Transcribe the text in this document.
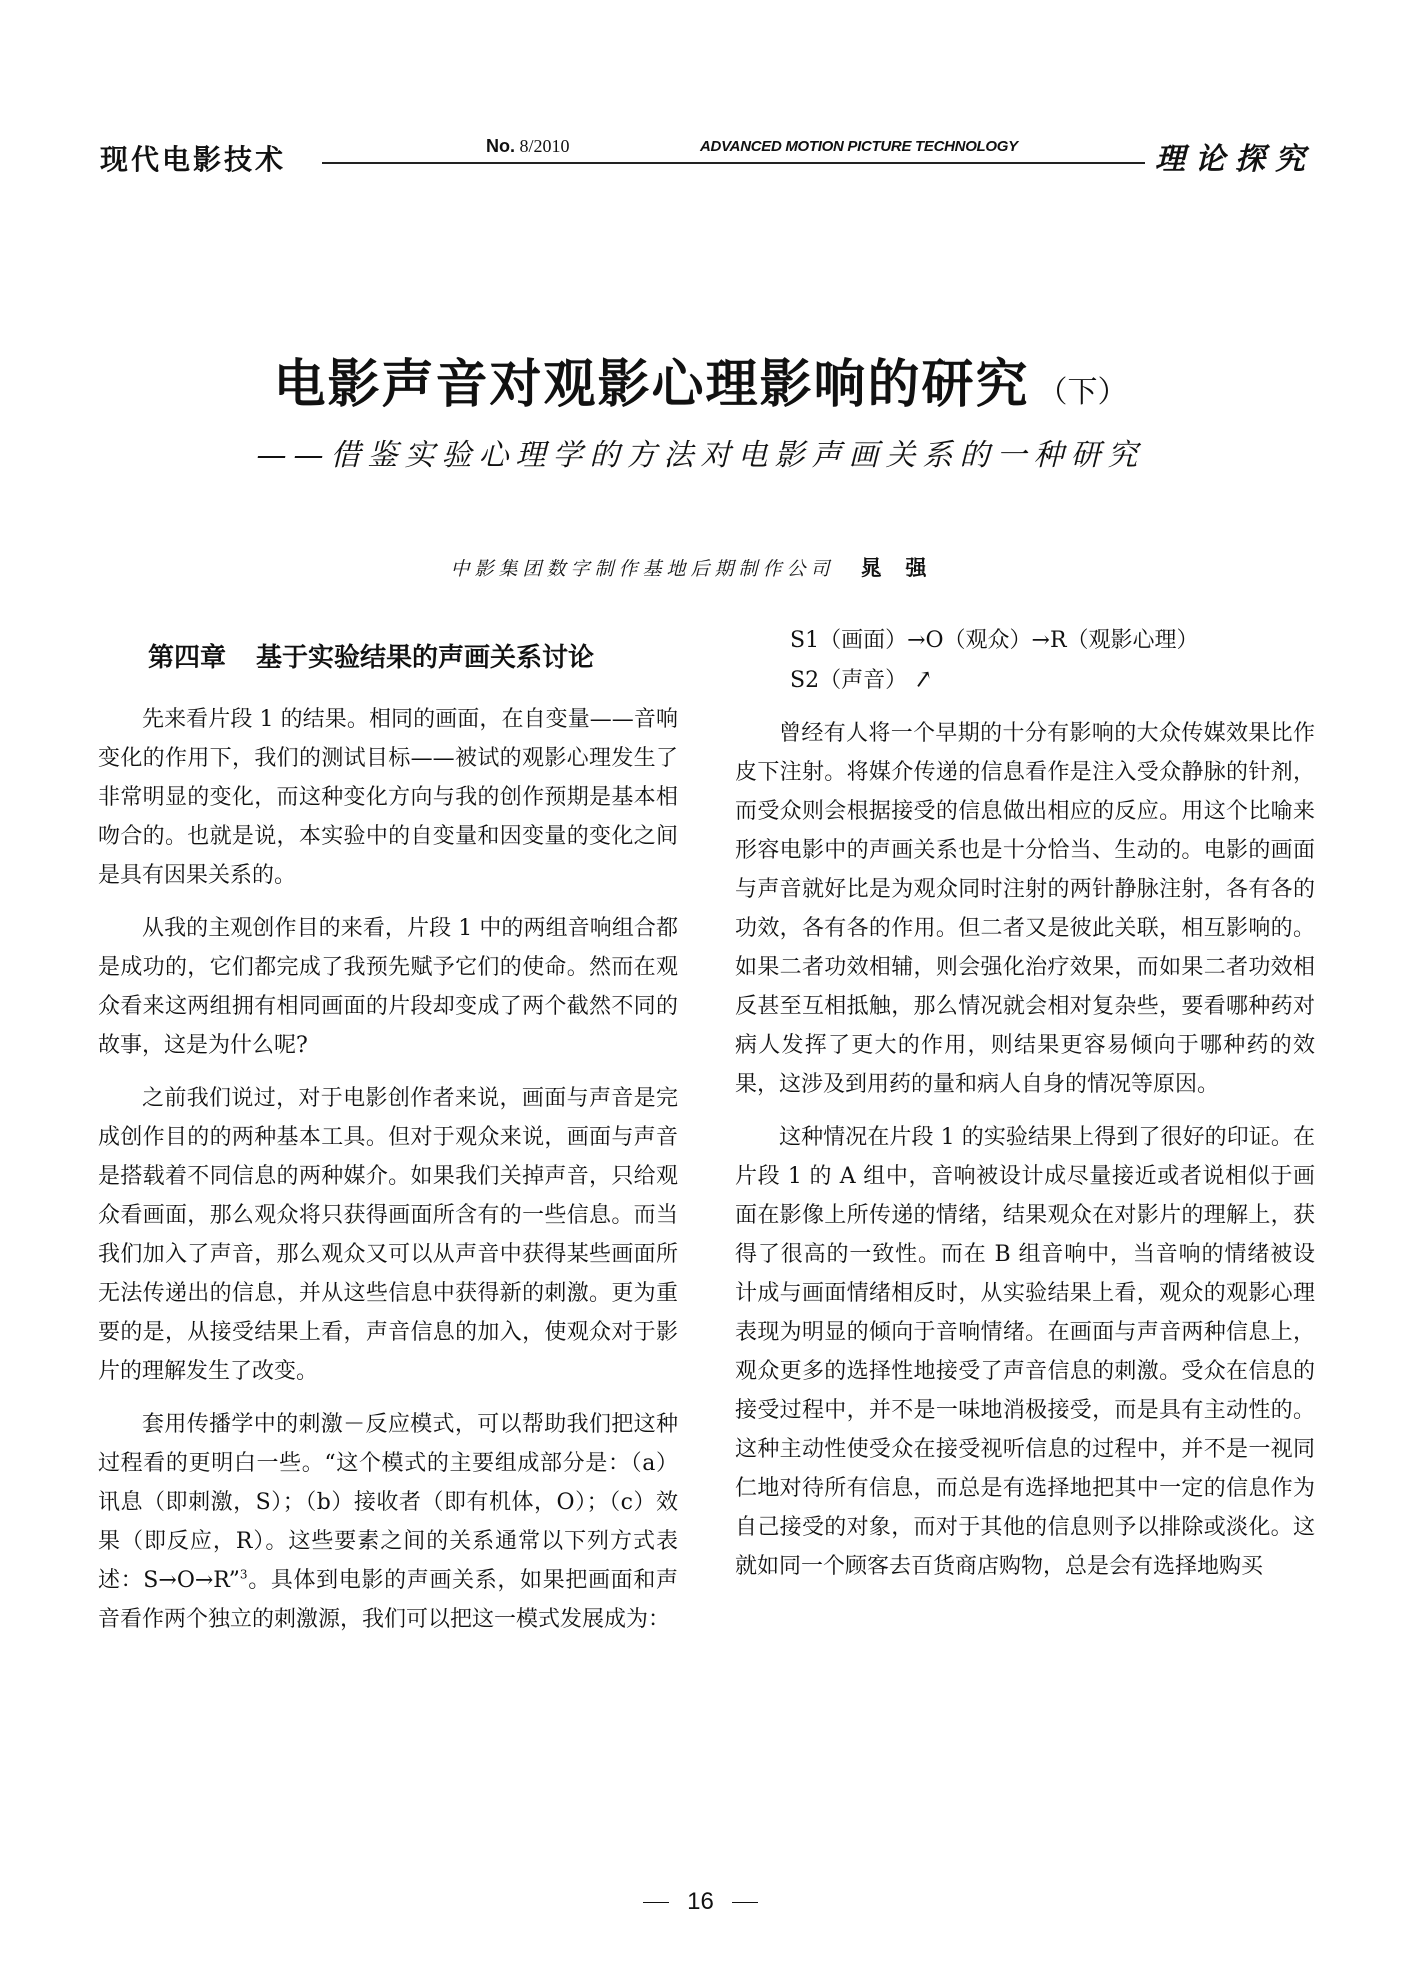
现代电影技术	No. 8/2010	ADVANCED MOTION PICTURE TECHNOLOGY	理论探究
电影声音对观影心理影响的研究 （下）
——借鉴实验心理学的方法对电影声画关系的一种研究
中影集团数字制作基地后期制作公司 晁强
第四章 基于实验结果的声画关系讨论

先来看片段 1 的结果。相同的画面，在自变量——音响变化的作用下，我们的测试目标——被试的观影心理发生了非常明显的变化，而这种变化方向与我的创作预期是基本相吻合的。也就是说，本实验中的自变量和因变量的变化之间是具有因果关系的。

从我的主观创作目的来看，片段 1 中的两组音响组合都是成功的，它们都完成了我预先赋予它们的使命。然而在观众看来这两组拥有相同画面的片段却变成了两个截然不同的故事，这是为什么呢?

之前我们说过，对于电影创作者来说，画面与声音是完成创作目的的两种基本工具。但对于观众来说，画面与声音是搭载着不同信息的两种媒介。如果我们关掉声音，只给观众看画面，那么观众将只获得画面所含有的一些信息。而当我们加入了声音，那么观众又可以从声音中获得某些画面所无法传递出的信息，并从这些信息中获得新的刺激。更为重要的是，从接受结果上看，声音信息的加入，使观众对于影片的理解发生了改变。

套用传播学中的刺激－反应模式，可以帮助我们把这种过程看的更明白一些。“这个模式的主要组成部分是：（a）讯息（即刺激，S）；（b）接收者（即有机体，O）；（c）效果（即反应，R）。这些要素之间的关系通常以下列方式表述：S→O→R”$^3$。具体到电影的声画关系，如果把画面和声音看作两个独立的刺激源，我们可以把这一模式发展成为：

S1（画面）→O（观众）→R（观影心理）
S2（声音） ↗

曾经有人将一个早期的十分有影响的大众传媒效果比作皮下注射。将媒介传递的信息看作是注入受众静脉的针剂，而受众则会根据接受的信息做出相应的反应。用这个比喻来形容电影中的声画关系也是十分恰当、生动的。电影的画面与声音就好比是为观众同时注射的两针静脉注射，各有各的功效，各有各的作用。但二者又是彼此关联，相互影响的。如果二者功效相辅，则会强化治疗效果，而如果二者功效相反甚至互相抵触，那么情况就会相对复杂些，要看哪种药对病人发挥了更大的作用，则结果更容易倾向于哪种药的效果，这涉及到用药的量和病人自身的情况等原因。

这种情况在片段 1 的实验结果上得到了很好的印证。在片段 1 的 A 组中，音响被设计成尽量接近或者说相似于画面在影像上所传递的情绪，结果观众在对影片的理解上，获得了很高的一致性。而在 B 组音响中，当音响的情绪被设计成与画面情绪相反时，从实验结果上看，观众的观影心理表现为明显的倾向于音响情绪。在画面与声音两种信息上，观众更多的选择性地接受了声音信息的刺激。受众在信息的接受过程中，并不是一味地消极接受，而是具有主动性的。这种主动性使受众在接受视听信息的过程中，并不是一视同仁地对待所有信息，而总是有选择地把其中一定的信息作为自己接受的对象，而对于其他的信息则予以排除或淡化。这就如同一个顾客去百货商店购物，总是会有选择地购买

16
